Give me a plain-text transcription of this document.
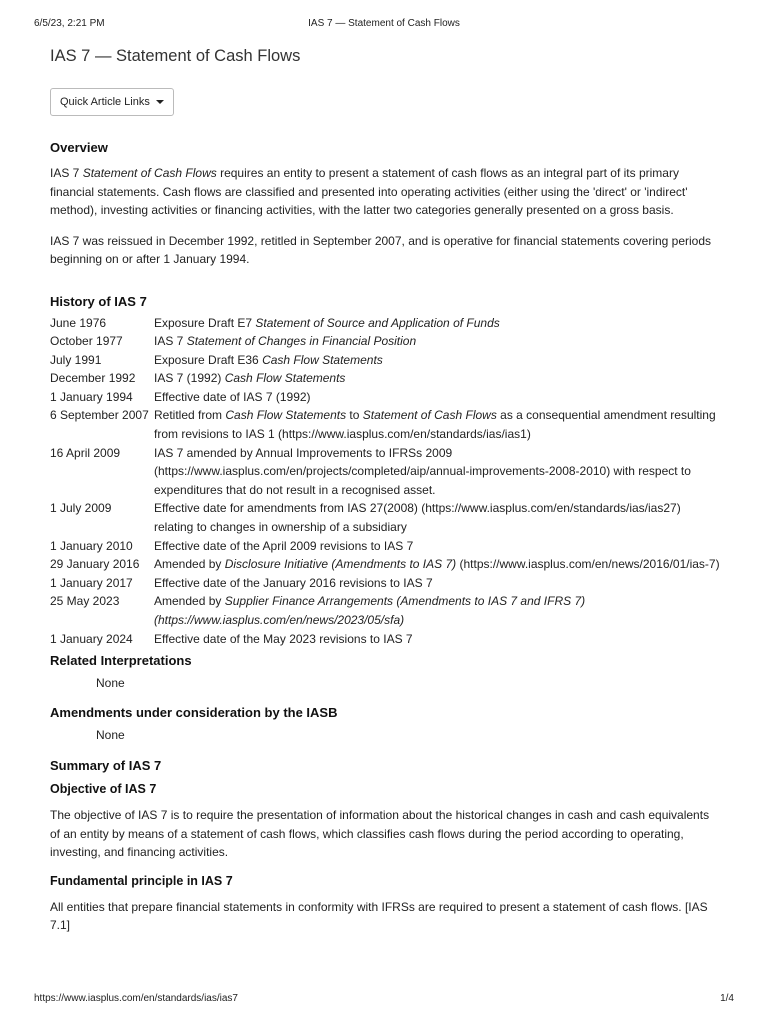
6/5/23, 2:21 PM	IAS 7 — Statement of Cash Flows
IAS 7 — Statement of Cash Flows
Quick Article Links
Overview

IAS 7 Statement of Cash Flows requires an entity to present a statement of cash flows as an integral part of its primary financial statements. Cash flows are classified and presented into operating activities (either using the 'direct' or 'indirect' method), investing activities or financing activities, with the latter two categories generally presented on a gross basis.

IAS 7 was reissued in December 1992, retitled in September 2007, and is operative for financial statements covering periods beginning on or after 1 January 1994.

History of IAS 7
June 1976	Exposure Draft E7 Statement of Source and Application of Funds
October 1977	IAS 7 Statement of Changes in Financial Position
July 1991	Exposure Draft E36 Cash Flow Statements
December 1992	IAS 7 (1992) Cash Flow Statements
1 January 1994	Effective date of IAS 7 (1992)
6 September 2007 Retitled from Cash Flow Statements to Statement of Cash Flows as a consequential amendment resulting from revisions to IAS 1 (https://www.iasplus.com/en/standards/ias/ias1)
16 April 2009	IAS 7 amended by Annual Improvements to IFRSs 2009 (https://www.iasplus.com/en/projects/completed/aip/annual-improvements-2008-2010) with respect to expenditures that do not result in a recognised asset.
1 July 2009	Effective date for amendments from IAS 27(2008) (https://www.iasplus.com/en/standards/ias/ias27) relating to changes in ownership of a subsidiary
1 January 2010	Effective date of the April 2009 revisions to IAS 7
29 January 2016	Amended by Disclosure Initiative (Amendments to IAS 7) (https://www.iasplus.com/en/news/2016/01/ias-7)
1 January 2017	Effective date of the January 2016 revisions to IAS 7
25 May 2023	Amended by Supplier Finance Arrangements (Amendments to IAS 7 and IFRS 7) (https://www.iasplus.com/en/news/2023/05/sfa)
1 January 2024	Effective date of the May 2023 revisions to IAS 7
Related Interpretations
None
Amendments under consideration by the IASB
None
Summary of IAS 7
Objective of IAS 7

The objective of IAS 7 is to require the presentation of information about the historical changes in cash and cash equivalents of an entity by means of a statement of cash flows, which classifies cash flows during the period according to operating, investing, and financing activities.

Fundamental principle in IAS 7

All entities that prepare financial statements in conformity with IFRSs are required to present a statement of cash flows. [IAS 7.1]

https://www.iasplus.com/en/standards/ias/ias7	1/4
